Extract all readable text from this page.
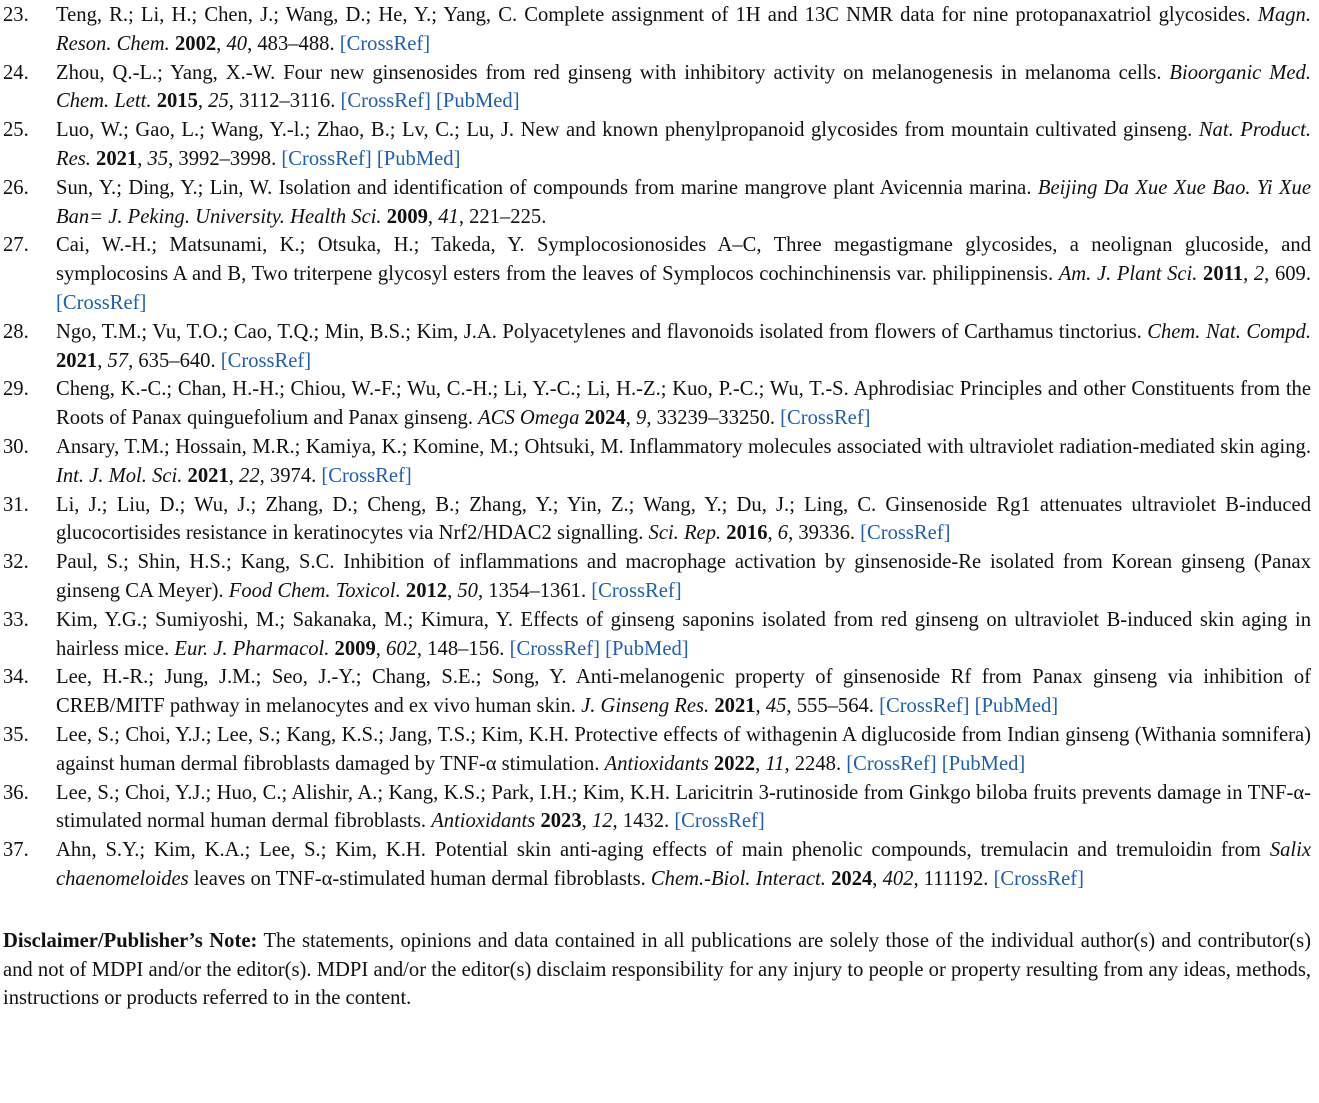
23. Teng, R.; Li, H.; Chen, J.; Wang, D.; He, Y.; Yang, C. Complete assignment of 1H and 13C NMR data for nine protopanaxatriol glycosides. Magn. Reson. Chem. 2002, 40, 483–488. [CrossRef]
24. Zhou, Q.-L.; Yang, X.-W. Four new ginsenosides from red ginseng with inhibitory activity on melanogenesis in melanoma cells. Bioorganic Med. Chem. Lett. 2015, 25, 3112–3116. [CrossRef] [PubMed]
25. Luo, W.; Gao, L.; Wang, Y.-l.; Zhao, B.; Lv, C.; Lu, J. New and known phenylpropanoid glycosides from mountain cultivated ginseng. Nat. Product. Res. 2021, 35, 3992–3998. [CrossRef] [PubMed]
26. Sun, Y.; Ding, Y.; Lin, W. Isolation and identification of compounds from marine mangrove plant Avicennia marina. Beijing Da Xue Xue Bao. Yi Xue Ban= J. Peking. University. Health Sci. 2009, 41, 221–225.
27. Cai, W.-H.; Matsunami, K.; Otsuka, H.; Takeda, Y. Symplocosionosides A–C, Three megastigmane glycosides, a neolignan glucoside, and symplocosins A and B, Two triterpene glycosyl esters from the leaves of Symplocos cochinchinensis var. philippinensis. Am. J. Plant Sci. 2011, 2, 609. [CrossRef]
28. Ngo, T.M.; Vu, T.O.; Cao, T.Q.; Min, B.S.; Kim, J.A. Polyacetylenes and flavonoids isolated from flowers of Carthamus tinctorius. Chem. Nat. Compd. 2021, 57, 635–640. [CrossRef]
29. Cheng, K.-C.; Chan, H.-H.; Chiou, W.-F.; Wu, C.-H.; Li, Y.-C.; Li, H.-Z.; Kuo, P.-C.; Wu, T.-S. Aphrodisiac Principles and other Constituents from the Roots of Panax quinguefolium and Panax ginseng. ACS Omega 2024, 9, 33239–33250. [CrossRef]
30. Ansary, T.M.; Hossain, M.R.; Kamiya, K.; Komine, M.; Ohtsuki, M. Inflammatory molecules associated with ultraviolet radiation-mediated skin aging. Int. J. Mol. Sci. 2021, 22, 3974. [CrossRef]
31. Li, J.; Liu, D.; Wu, J.; Zhang, D.; Cheng, B.; Zhang, Y.; Yin, Z.; Wang, Y.; Du, J.; Ling, C. Ginsenoside Rg1 attenuates ultraviolet B-induced glucocortisides resistance in keratinocytes via Nrf2/HDAC2 signalling. Sci. Rep. 2016, 6, 39336. [CrossRef]
32. Paul, S.; Shin, H.S.; Kang, S.C. Inhibition of inflammations and macrophage activation by ginsenoside-Re isolated from Korean ginseng (Panax ginseng CA Meyer). Food Chem. Toxicol. 2012, 50, 1354–1361. [CrossRef]
33. Kim, Y.G.; Sumiyoshi, M.; Sakanaka, M.; Kimura, Y. Effects of ginseng saponins isolated from red ginseng on ultraviolet B-induced skin aging in hairless mice. Eur. J. Pharmacol. 2009, 602, 148–156. [CrossRef] [PubMed]
34. Lee, H.-R.; Jung, J.M.; Seo, J.-Y.; Chang, S.E.; Song, Y. Anti-melanogenic property of ginsenoside Rf from Panax ginseng via inhibition of CREB/MITF pathway in melanocytes and ex vivo human skin. J. Ginseng Res. 2021, 45, 555–564. [CrossRef] [PubMed]
35. Lee, S.; Choi, Y.J.; Lee, S.; Kang, K.S.; Jang, T.S.; Kim, K.H. Protective effects of withagenin A diglucoside from Indian ginseng (Withania somnifera) against human dermal fibroblasts damaged by TNF-α stimulation. Antioxidants 2022, 11, 2248. [CrossRef] [PubMed]
36. Lee, S.; Choi, Y.J.; Huo, C.; Alishir, A.; Kang, K.S.; Park, I.H.; Kim, K.H. Laricitrin 3-rutinoside from Ginkgo biloba fruits prevents damage in TNF-α-stimulated normal human dermal fibroblasts. Antioxidants 2023, 12, 1432. [CrossRef]
37. Ahn, S.Y.; Kim, K.A.; Lee, S.; Kim, K.H. Potential skin anti-aging effects of main phenolic compounds, tremulacin and tremuloidin from Salix chaenomeloides leaves on TNF-α-stimulated human dermal fibroblasts. Chem.-Biol. Interact. 2024, 402, 111192. [CrossRef]

Disclaimer/Publisher’s Note: The statements, opinions and data contained in all publications are solely those of the individual author(s) and contributor(s) and not of MDPI and/or the editor(s). MDPI and/or the editor(s) disclaim responsibility for any injury to people or property resulting from any ideas, methods, instructions or products referred to in the content.
